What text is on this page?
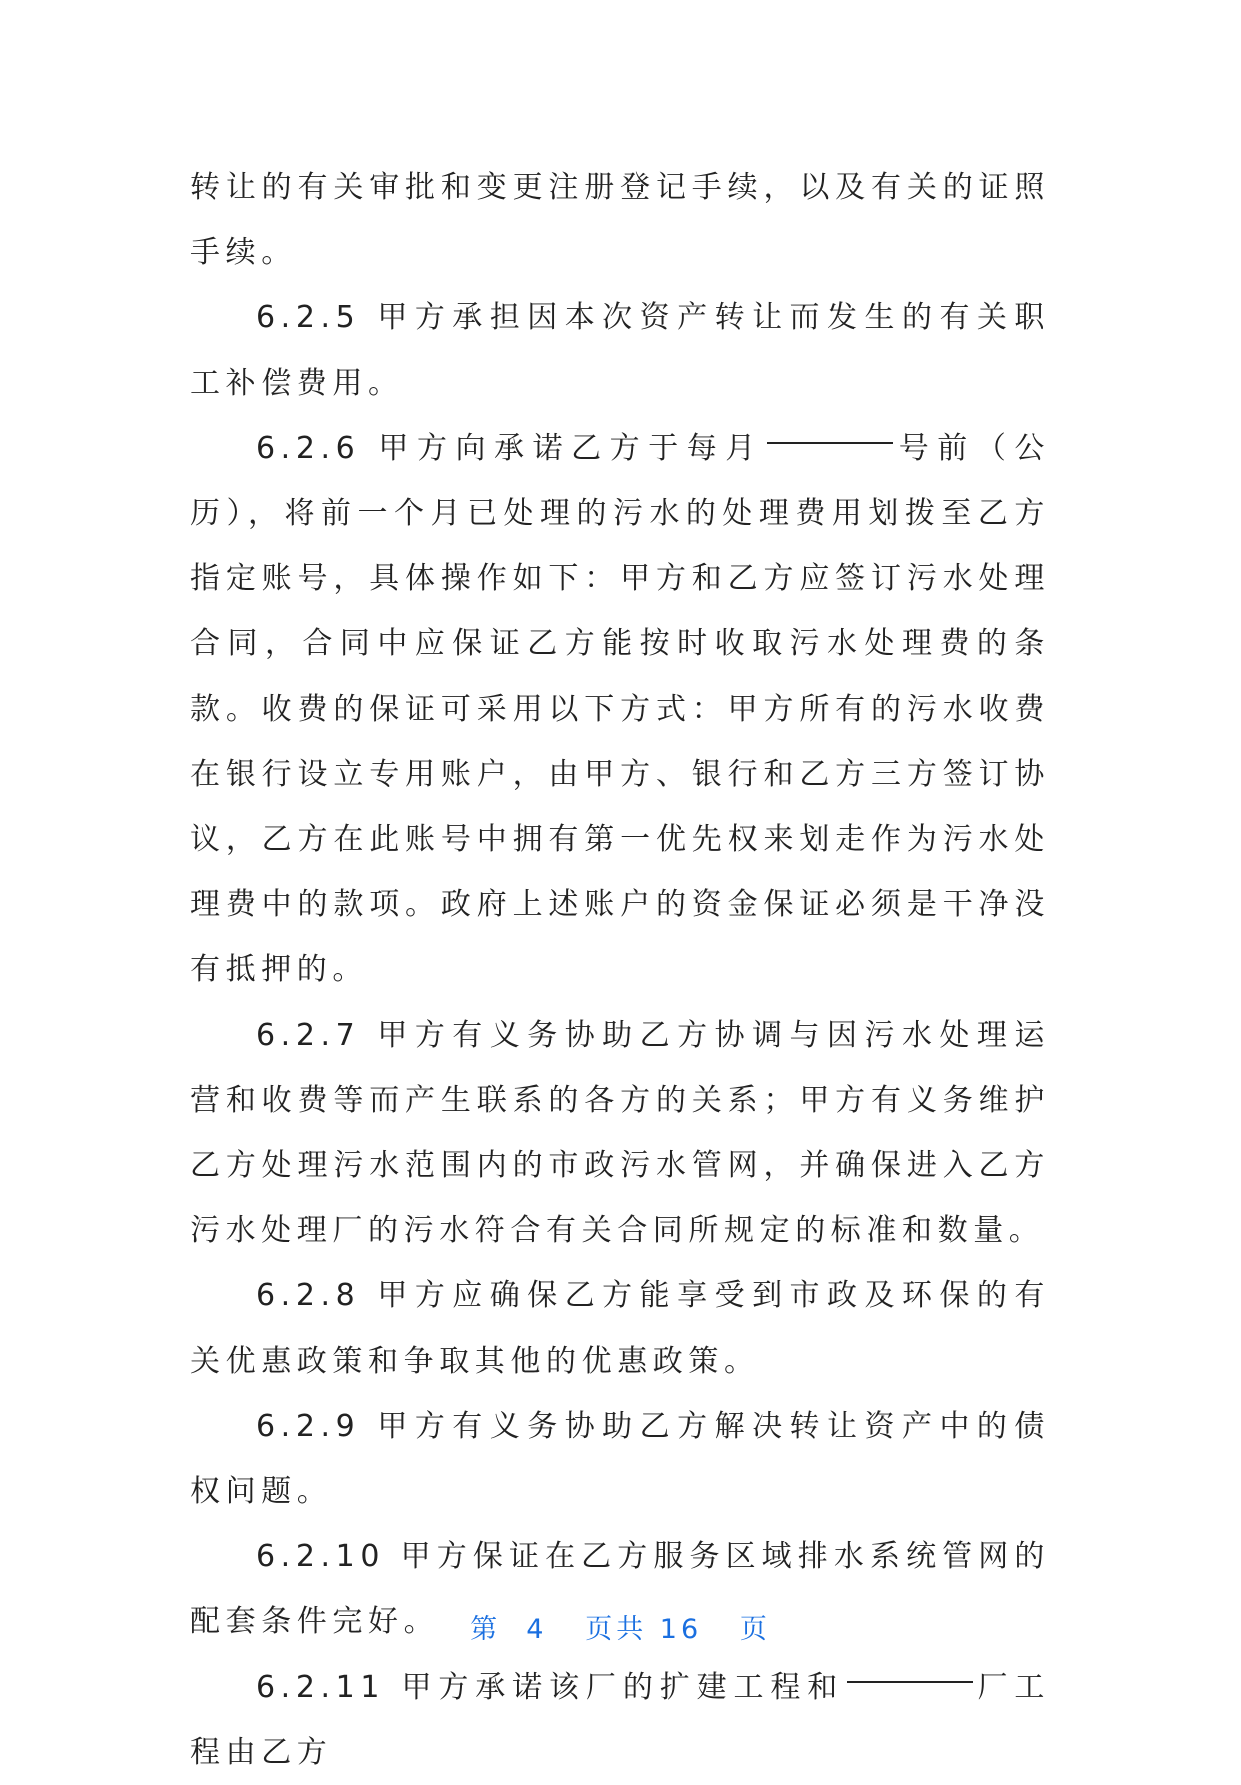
转让的有关审批和变更注册登记手续，以及有关的证照手续。

6.2.5 甲方承担因本次资产转让而发生的有关职工补偿费用。

6.2.6 甲方向承诺乙方于每月	号前（公历），将前一个月已处理的污水的处理费用划拨至乙方指定账号，具体操作如下：甲方和乙方应签订污水处理合同，合同中应保证乙方能按时收取污水处理费的条款。收费的保证可采用以下方式：甲方所有的污水收费在银行设立专用账户，由甲方、银行和乙方三方签订协议，乙方在此账号中拥有第一优先权来划走作为污水处理费中的款项。政府上述账户的资金保证必须是干净没有抵押的。

6.2.7 甲方有义务协助乙方协调与因污水处理运营和收费等而产生联系的各方的关系；甲方有义务维护乙方处理污水范围内的市政污水管网，并确保进入乙方污水处理厂的污水符合有关合同所规定的标准和数量。

6.2.8 甲方应确保乙方能享受到市政及环保的有关优惠政策和争取其他的优惠政策。

6.2.9 甲方有义务协助乙方解决转让资产中的债权问题。

6.2.10 甲方保证在乙方服务区域排水系统管网的配套条件完好。

6.2.11 甲方承诺该厂的扩建工程和	厂工程由乙方

第 4 页共 16 页
